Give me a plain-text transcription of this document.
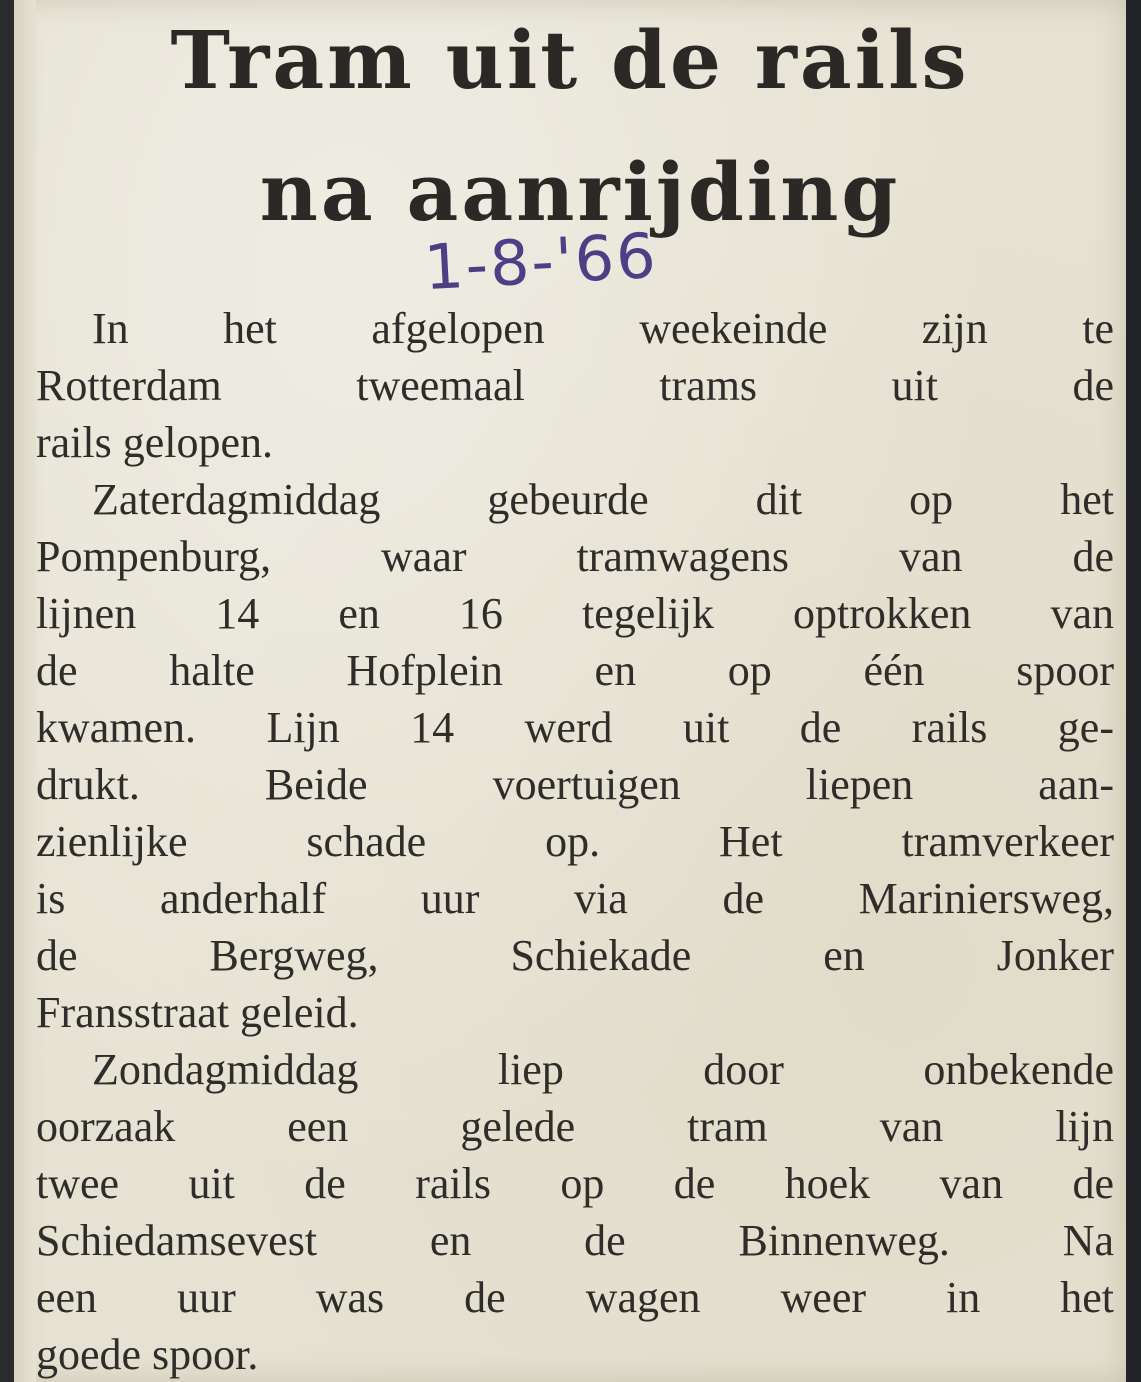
Tram uit de rails
na aanrijding
1-8-'66
In het afgelopen weekeinde zijn te
Rotterdam tweemaal trams uit de
rails gelopen.
Zaterdagmiddag gebeurde dit op het
Pompenburg, waar tramwagens van de
lijnen 14 en 16 tegelijk optrokken van
de halte Hofplein en op één spoor
kwamen. Lijn 14 werd uit de rails ge-
drukt. Beide voertuigen liepen aan-
zienlijke schade op. Het tramverkeer
is anderhalf uur via de Mariniersweg,
de Bergweg, Schiekade en Jonker
Fransstraat geleid.
Zondagmiddag liep door onbekende
oorzaak een gelede tram van lijn
twee uit de rails op de hoek van de
Schiedamsevest en de Binnenweg. Na
een uur was de wagen weer in het
goede spoor.
